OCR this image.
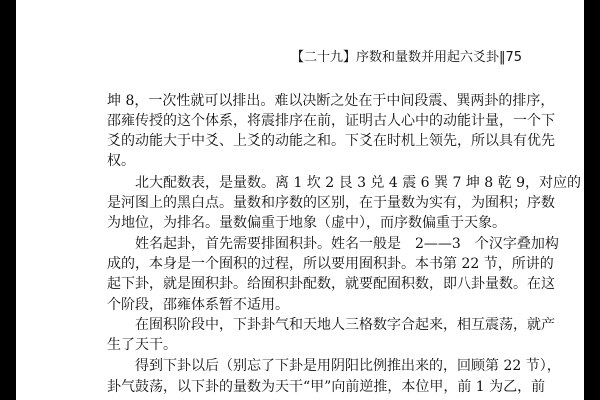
【二十九】序数和量数并用起六爻卦‖75
坤 8，一次性就可以排出。难以决断之处在于中间段震、巽两卦的排序，
邵雍传授的这个体系，将震排序在前，证明古人心中的动能计量，一个下
爻的动能大于中爻、上爻的动能之和。下爻在时机上领先，所以具有优先
权。
北大配数表，是量数。离 1 坎 2 艮 3 兑 4 震 6 巽 7 坤 8 乾 9，对应的
是河图上的黑白点。量数和序数的区别，在于量数为实有，为囿积；序数
为地位，为排名。量数偏重于地象（虚中），而序数偏重于天象。
姓名起卦，首先需要排囿积卦。姓名一般是　2——3　个汉字叠加构
成的，本身是一个囿积的过程，所以要用囿积卦。本书第 22 节，所讲的
起下卦，就是囿积卦。给囿积卦配数，就要配囿积数，即八卦量数。在这
个阶段，邵雍体系暂不适用。
在囿积阶段中，下卦卦气和天地人三格数字合起来，相互震荡，就产
生了天干。
得到下卦以后（别忘了下卦是用阴阳比例推出来的，回顾第 22 节），
卦气鼓荡，以下卦的量数为天干“甲”向前逆推，本位甲，前 1 为乙，前
